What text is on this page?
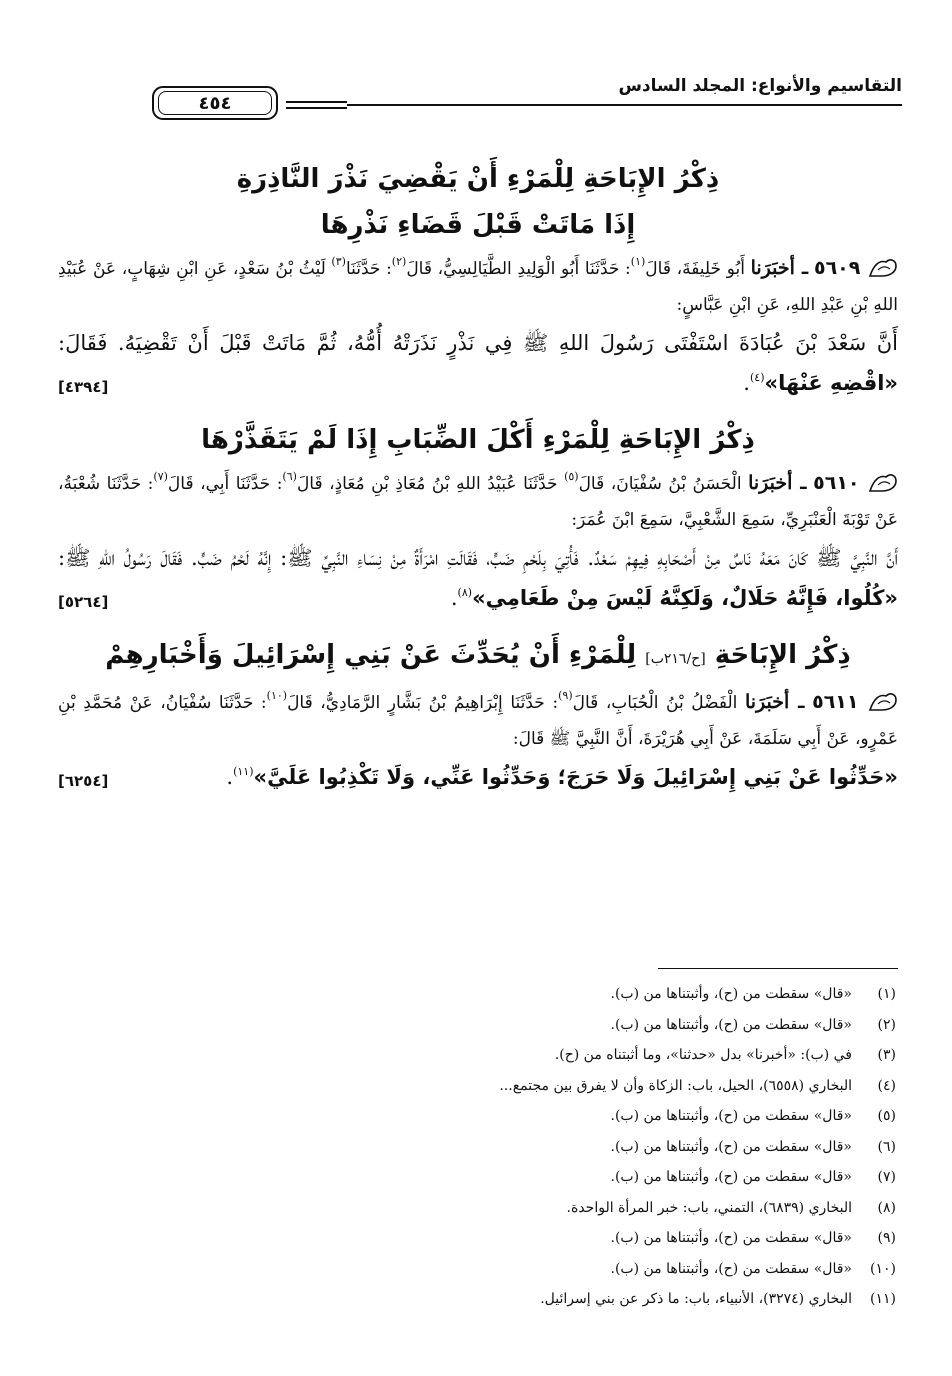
التقاسيم والأنواع: المجلد السادس
٤٥٤
ذِكْرُ الإِبَاحَةِ لِلْمَرْءِ أَنْ يَقْضِيَ نَذْرَ النَّاذِرَةِ
إِذَا مَاتَتْ قَبْلَ قَضَاءِ نَذْرِهَا

٥٦٠٩ ـ أخبَرَنا أَبُو خَلِيفَةَ، قَالَ$^{(١)}$: حَدَّثَنَا أَبُو الْوَلِيدِ الطَّيَالِسِيُّ، قَالَ$^{(٢)}$: حَدَّثَنَا$^{(٣)}$ لَيْثُ بْنُ سَعْدٍ، عَنِ ابْنِ شِهَابٍ، عَنْ عُبَيْدِ اللهِ بْنِ عَبْدِ اللهِ، عَنِ ابْنِ عَبَّاسٍ:

أَنَّ سَعْدَ بْنَ عُبَادَةَ اسْتَفْتَى رَسُولَ اللهِ ﷺ فِي نَذْرٍ نَذَرَتْهُ أُمُّهُ، ثُمَّ مَاتَتْ قَبْلَ أَنْ تَقْضِيَهُ. فَقَالَ: «اقْضِهِ عَنْهَا»$^{(٤)}$.
[٤٣٩٤]

ذِكْرُ الإِبَاحَةِ لِلْمَرْءِ أَكْلَ الضِّبَابِ إِذَا لَمْ يَتَقَذَّرْهَا

٥٦١٠ ـ أخبَرَنا الْحَسَنُ بْنُ سُفْيَانَ، قَالَ$^{(٥)}$ حَدَّثَنَا عُبَيْدُ اللهِ بْنُ مُعَاذِ بْنِ مُعَاذٍ، قَالَ$^{(٦)}$: حَدَّثَنَا أَبِي، قَالَ$^{(٧)}$: حَدَّثَنَا شُعْبَةُ، عَنْ تَوْبَةَ الْعَنْبَرِيِّ، سَمِعَ الشَّعْبِيَّ، سَمِعَ ابْنَ عُمَرَ:

أَنَّ النَّبِيَّ ﷺ كَانَ مَعَهُ نَاسٌ مِنْ أَصْحَابِهِ فِيهِمْ سَعْدٌ. فَأُتِيَ بِلَحْمِ ضَبٍّ، فَقَالَتِ امْرَأَةٌ مِنْ نِسَاءِ النَّبِيِّ ﷺ: إِنَّهُ لَحْمُ ضَبٍّ. فَقَالَ رَسُولُ اللهِ ﷺ: «كُلُوا، فَإِنَّهُ حَلَالٌ، وَلَكِنَّهُ لَيْسَ مِنْ طَعَامِي»$^{(٨)}$.
[٥٢٦٤]

ذِكْرُ الإِبَاحَةِ [ح/٢١٦ب] لِلْمَرْءِ أَنْ يُحَدِّثَ عَنْ بَنِي إِسْرَائِيلَ وَأَخْبَارِهِمْ

٥٦١١ ـ أخبَرَنا الْفَضْلُ بْنُ الْحُبَابِ، قَالَ$^{(٩)}$: حَدَّثَنَا إِبْرَاهِيمُ بْنُ بَشَّارٍ الرَّمَادِيُّ، قَالَ$^{(١٠)}$: حَدَّثَنَا سُفْيَانُ، عَنْ مُحَمَّدِ بْنِ عَمْرٍو، عَنْ أَبِي سَلَمَةَ، عَنْ أَبِي هُرَيْرَةَ، أَنَّ النَّبِيَّ ﷺ قَالَ:

«حَدِّثُوا عَنْ بَنِي إِسْرَائِيلَ وَلَا حَرَجَ؛ وَحَدِّثُوا عَنِّي، وَلَا تَكْذِبُوا عَلَيَّ»$^{(١١)}$.
[٦٢٥٤]

(١)«قال» سقطت من (ح)، وأثبتناها من (ب).
(٢)«قال» سقطت من (ح)، وأثبتناها من (ب).
(٣)في (ب): «أخبرنا» بدل «حدثنا»، وما أثبتناه من (ح).
(٤)البخاري (٦٥٥٨)، الحيل، باب: الزكاة وأن لا يفرق بين مجتمع...
(٥)«قال» سقطت من (ح)، وأثبتناها من (ب).
(٦)«قال» سقطت من (ح)، وأثبتناها من (ب).
(٧)«قال» سقطت من (ح)، وأثبتناها من (ب).
(٨)البخاري (٦٨٣٩)، التمني، باب: خبر المرأة الواحدة.
(٩)«قال» سقطت من (ح)، وأثبتناها من (ب).
(١٠)«قال» سقطت من (ح)، وأثبتناها من (ب).
(١١)البخاري (٣٢٧٤)، الأنبياء، باب: ما ذكر عن بني إسرائيل.
